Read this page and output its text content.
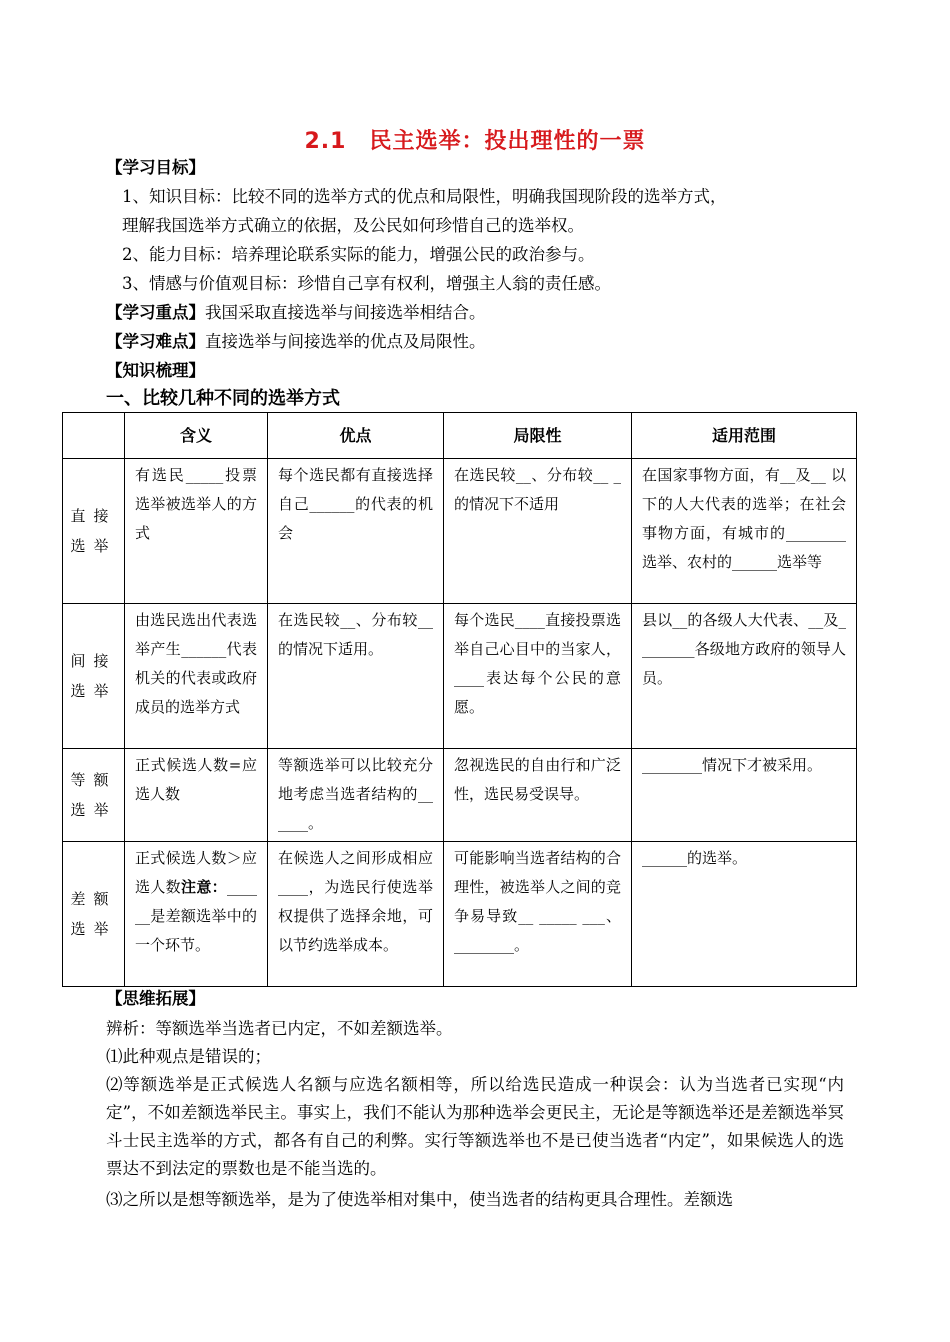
2.1　民主选举：投出理性的一票
【学习目标】
1、知识目标：比较不同的选举方式的优点和局限性，明确我国现阶段的选举方式，
理解我国选举方式确立的依据，及公民如何珍惜自己的选举权。
2、能力目标：培养理论联系实际的能力，增强公民的政治参与。
3、情感与价值观目标：珍惜自己享有权利，增强主人翁的责任感。
【学习重点】我国采取直接选举与间接选举相结合。
【学习难点】直接选举与间接选举的优点及局限性。
【知识梳理】
一、比较几种不同的选举方式
	含义	优点	局限性	适用范围
直接选举	有选民_____投票选举被选举人的方式	每个选民都有直接选择自己______的代表的机会	在选民较__、分布较__ _的情况下不适用	在国家事物方面，有__及__ 以下的人大代表的选举；在社会事物方面，有城市的________选举、农村的______选举等
间接选举	由选民选出代表选举产生______代表机关的代表或政府成员的选举方式	在选民较__、分布较__的情况下适用。	每个选民____直接投票选举自己心目中的当家人，____表达每个公民的意愿。	县以__的各级人大代表、__及________各级地方政府的领导人员。
等额选举	正式候选人数=应选人数	等额选举可以比较充分地考虑当选者结构的______。	忽视选民的自由行和广泛性，选民易受误导。	________情况下才被采用。
差额选举	正式候选人数＞应选人数注意：______是差额选举中的一个环节。	在候选人之间形成相应____，为选民行使选举权提供了选择余地，可以节约选举成本。	可能影响当选者结构的合理性，被选举人之间的竞争易导致__ _____ ___、________。	______的选举。
【思维拓展】
辨析：等额选举当选者已内定，不如差额选举。
⑴此种观点是错误的；
⑵等额选举是正式候选人名额与应选名额相等，所以给选民造成一种误会：认为当选者已实现“内定”，不如差额选举民主。事实上，我们不能认为那种选举会更民主，无论是等额选举还是差额选举冥斗士民主选举的方式，都各有自己的利弊。实行等额选举也不是已使当选者“内定”，如果候选人的选票达不到法定的票数也是不能当选的。
⑶之所以是想等额选举，是为了使选举相对集中，使当选者的结构更具合理性。差额选
